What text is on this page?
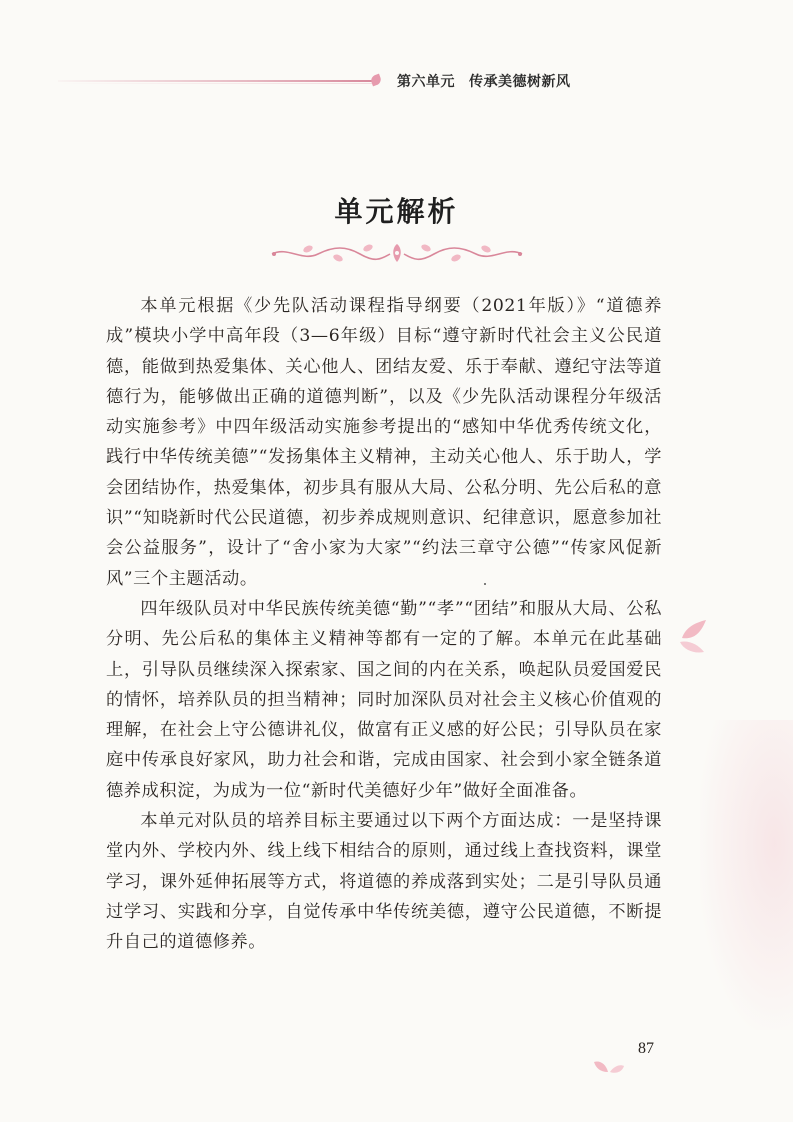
第六单元 传承美德树新风
单元解析

本单元根据《少先队活动课程指导纲要（2021年版）》“道德养成”模块小学中高年段（3—6年级）目标“遵守新时代社会主义公民道德，能做到热爱集体、关心他人、团结友爱、乐于奉献、遵纪守法等道德行为，能够做出正确的道德判断”，以及《少先队活动课程分年级活动实施参考》中四年级活动实施参考提出的“感知中华优秀传统文化，践行中华传统美德”“发扬集体主义精神，主动关心他人、乐于助人，学会团结协作，热爱集体，初步具有服从大局、公私分明、先公后私的意识”“知晓新时代公民道德，初步养成规则意识、纪律意识，愿意参加社会公益服务”，设计了“舍小家为大家”“约法三章守公德”“传家风促新风”三个主题活动。

四年级队员对中华民族传统美德“勤”“孝”“团结”和服从大局、公私分明、先公后私的集体主义精神等都有一定的了解。本单元在此基础上，引导队员继续深入探索家、国之间的内在关系，唤起队员爱国爱民的情怀，培养队员的担当精神；同时加深队员对社会主义核心价值观的理解，在社会上守公德讲礼仪，做富有正义感的好公民；引导队员在家庭中传承良好家风，助力社会和谐，完成由国家、社会到小家全链条道德养成积淀，为成为一位“新时代美德好少年”做好全面准备。

本单元对队员的培养目标主要通过以下两个方面达成：一是坚持课堂内外、学校内外、线上线下相结合的原则，通过线上查找资料，课堂学习，课外延伸拓展等方式，将道德的养成落到实处；二是引导队员通过学习、实践和分享，自觉传承中华传统美德，遵守公民道德，不断提升自己的道德修养。

87
